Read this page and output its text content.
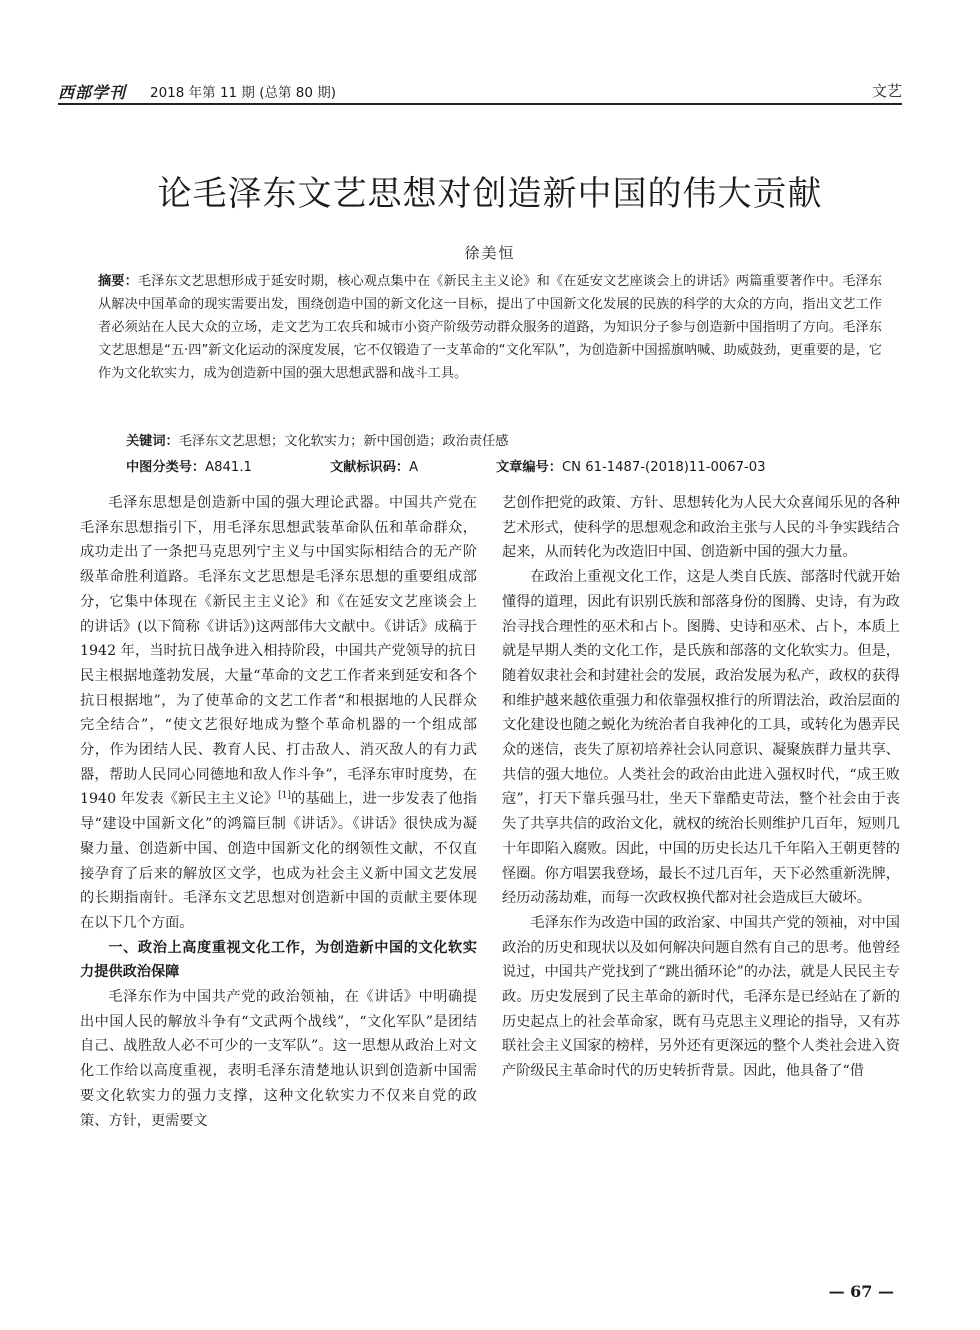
西部学刊 2018 年第 11 期 (总第 80 期)	文艺
论毛泽东文艺思想对创造新中国的伟大贡献
徐美恒
摘要：毛泽东文艺思想形成于延安时期，核心观点集中在《新民主主义论》和《在延安文艺座谈会上的讲话》两篇重要著作中。毛泽东从解决中国革命的现实需要出发，围绕创造中国的新文化这一目标，提出了中国新文化发展的民族的科学的大众的方向，指出文艺工作者必须站在人民大众的立场，走文艺为工农兵和城市小资产阶级劳动群众服务的道路，为知识分子参与创造新中国指明了方向。毛泽东文艺思想是“五·四”新文化运动的深度发展，它不仅锻造了一支革命的“文化军队”，为创造新中国摇旗呐喊、助威鼓劲，更重要的是，它作为文化软实力，成为创造新中国的强大思想武器和战斗工具。
关键词：毛泽东文艺思想；文化软实力；新中国创造；政治责任感
中图分类号：A841.1	文献标识码：A	文章编号：CN 61-1487-(2018)11-0067-03

毛泽东思想是创造新中国的强大理论武器。中国共产党在毛泽东思想指引下，用毛泽东思想武装革命队伍和革命群众，成功走出了一条把马克思列宁主义与中国实际相结合的无产阶级革命胜利道路。毛泽东文艺思想是毛泽东思想的重要组成部分，它集中体现在《新民主主义论》和《在延安文艺座谈会上的讲话》(以下简称《讲话》)这两部伟大文献中。《讲话》成稿于 1942 年，当时抗日战争进入相持阶段，中国共产党领导的抗日民主根据地蓬勃发展，大量“革命的文艺工作者来到延安和各个抗日根据地”，为了使革命的文艺工作者“和根据地的人民群众完全结合”，“使文艺很好地成为整个革命机器的一个组成部分，作为团结人民、教育人民、打击敌人、消灭敌人的有力武器，帮助人民同心同德地和敌人作斗争”，毛泽东审时度势，在 1940 年发表《新民主主义论》[1]的基础上，进一步发表了他指导“建设中国新文化”的鸿篇巨制《讲话》。《讲话》很快成为凝聚力量、创造新中国、创造中国新文化的纲领性文献，不仅直接孕育了后来的解放区文学，也成为社会主义新中国文艺发展的长期指南针。毛泽东文艺思想对创造新中国的贡献主要体现在以下几个方面。

一、政治上高度重视文化工作，为创造新中国的文化软实力提供政治保障

毛泽东作为中国共产党的政治领袖，在《讲话》中明确提出中国人民的解放斗争有“文武两个战线”，“文化军队”是团结自己、战胜敌人必不可少的一支军队”。这一思想从政治上对文化工作给以高度重视，表明毛泽东清楚地认识到创造新中国需要文化软实力的强力支撑，这种文化软实力不仅来自党的政策、方针，更需要文

艺创作把党的政策、方针、思想转化为人民大众喜闻乐见的各种艺术形式，使科学的思想观念和政治主张与人民的斗争实践结合起来，从而转化为改造旧中国、创造新中国的强大力量。

在政治上重视文化工作，这是人类自氏族、部落时代就开始懂得的道理，因此有识别氏族和部落身份的图腾、史诗，有为政治寻找合理性的巫术和占卜。图腾、史诗和巫术、占卜，本质上就是早期人类的文化工作，是氏族和部落的文化软实力。但是，随着奴隶社会和封建社会的发展，政治发展为私产，政权的获得和维护越来越依重强力和依靠强权推行的所谓法治，政治层面的文化建设也随之蜕化为统治者自我神化的工具，或转化为愚弄民众的迷信，丧失了原初培养社会认同意识、凝聚族群力量共享、共信的强大地位。人类社会的政治由此进入强权时代，“成王败寇”，打天下靠兵强马壮，坐天下靠酷吏苛法，整个社会由于丧失了共享共信的政治文化，就权的统治长则维护几百年，短则几十年即陷入腐败。因此，中国的历史长达几千年陷入王朝更替的怪圈。你方唱罢我登场，最长不过几百年，天下必然重新洗牌，经历动荡劫难，而每一次政权换代都对社会造成巨大破坏。

毛泽东作为改造中国的政治家、中国共产党的领袖，对中国政治的历史和现状以及如何解决问题自然有自己的思考。他曾经说过，中国共产党找到了“跳出循环论”的办法，就是人民民主专政。历史发展到了民主革命的新时代，毛泽东是已经站在了新的历史起点上的社会革命家，既有马克思主义理论的指导，又有苏联社会主义国家的榜样，另外还有更深远的整个人类社会进入资产阶级民主革命时代的历史转折背景。因此，他具备了“借

— 67 —
